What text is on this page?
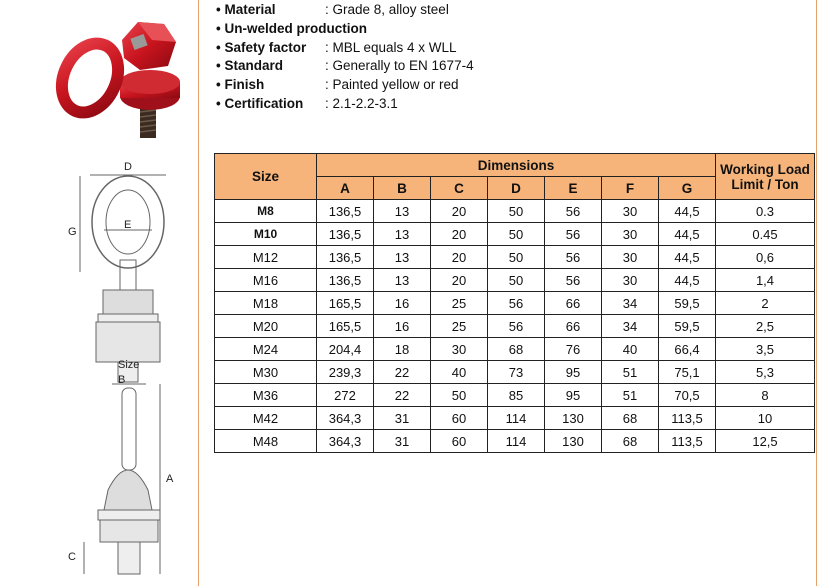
D
G
E
Size
B
A
C
• Material	: Grade 8, alloy steel
• Un-welded production
• Safety factor	: MBL equals 4 x WLL
• Standard	: Generally to EN 1677-4
• Finish	: Painted yellow or red
• Certification	: 2.1-2.2-3.1
Size	Dimensions							Working Load
Limit / Ton
	A	B	C	D	E	F	G	
M8	136,5	13	20	50	56	30	44,5	0.3
M10	136,5	13	20	50	56	30	44,5	0.45
M12	136,5	13	20	50	56	30	44,5	0,6
M16	136,5	13	20	50	56	30	44,5	1,4
M18	165,5	16	25	56	66	34	59,5	2
M20	165,5	16	25	56	66	34	59,5	2,5
M24	204,4	18	30	68	76	40	66,4	3,5
M30	239,3	22	40	73	95	51	75,1	5,3
M36	272	22	50	85	95	51	70,5	8
M42	364,3	31	60	114	130	68	113,5	10
M48	364,3	31	60	114	130	68	113,5	12,5
